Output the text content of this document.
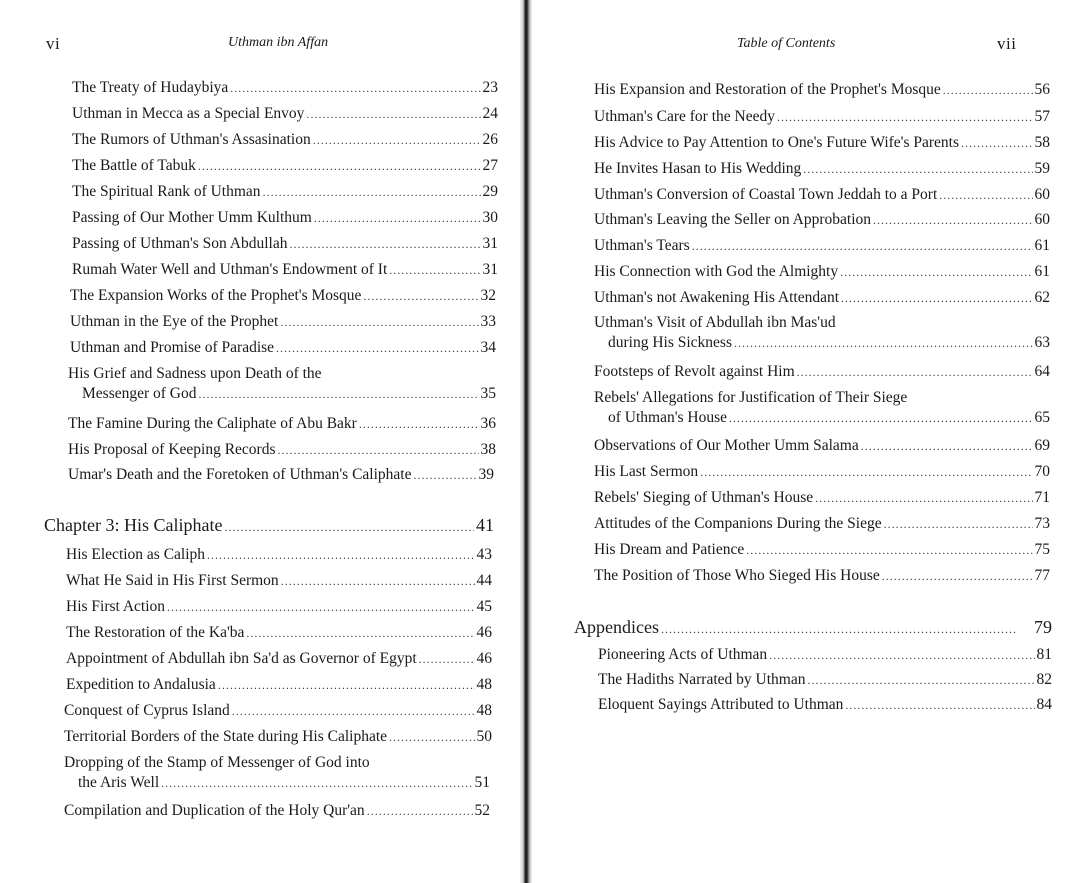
vi	Uthman ibn Affan
The Treaty of Hudaybiya . . .	23
Uthman in Mecca as a Special Envoy . . .	24
The Rumors of Uthman's Assasination . . .	26
The Battle of Tabuk . . .	27
The Spiritual Rank of Uthman . . .	29
Passing of Our Mother Umm Kulthum . . .	30
Passing of Uthman's Son Abdullah . . .	31
Rumah Water Well and Uthman's Endowment of It . . .	31
The Expansion Works of the Prophet's Mosque . . .	32
Uthman in the Eye of the Prophet . . .	33
Uthman and Promise of Paradise . . .	34
His Grief and Sadness upon Death of the
Messenger of God . . .	35
The Famine During the Caliphate of Abu Bakr . . .	36
His Proposal of Keeping Records . . .	38
Umar's Death and the Foretoken of Uthman's Caliphate . . .	39
Chapter 3: His Caliphate . . .	41
His Election as Caliph . . .	43
What He Said in His First Sermon . . .	44
His First Action . . .	45
The Restoration of the Ka'ba . . .	46
Appointment of Abdullah ibn Sa'd as Governor of Egypt . . .	46
Expedition to Andalusia . . .	48
Conquest of Cyprus Island . . .	48
Territorial Borders of the State during His Caliphate . . .	50
Dropping of the Stamp of Messenger of God into
the Aris Well . . .	51
Compilation and Duplication of the Holy Qur'an . . .	52
vii
Table of Contents
His Expansion and Restoration of the Prophet's Mosque . . .	56
Uthman's Care for the Needy . . .	57
His Advice to Pay Attention to One's Future Wife's Parents . . .	58
He Invites Hasan to His Wedding . . .	59
Uthman's Conversion of Coastal Town Jeddah to a Port . . .	60
Uthman's Leaving the Seller on Approbation . . .	60
Uthman's Tears . . .	61
His Connection with God the Almighty . . .	61
Uthman's not Awakening His Attendant . . .	62
Uthman's Visit of Abdullah ibn Mas'ud
during His Sickness . . .	63
Footsteps of Revolt against Him . . .	64
Rebels' Allegations for Justification of Their Siege
of Uthman's House . . .	65
Observations of Our Mother Umm Salama . . .	69
His Last Sermon . . .	70
Rebels' Sieging of Uthman's House . . .	71
Attitudes of the Companions During the Siege . . .	73
His Dream and Patience . . .	75
The Position of Those Who Sieged His House . . .	77
Appendices . . .	79
Pioneering Acts of Uthman . . .	81
The Hadiths Narrated by Uthman . . .	82
Eloquent Sayings Attributed to Uthman . . .	84
